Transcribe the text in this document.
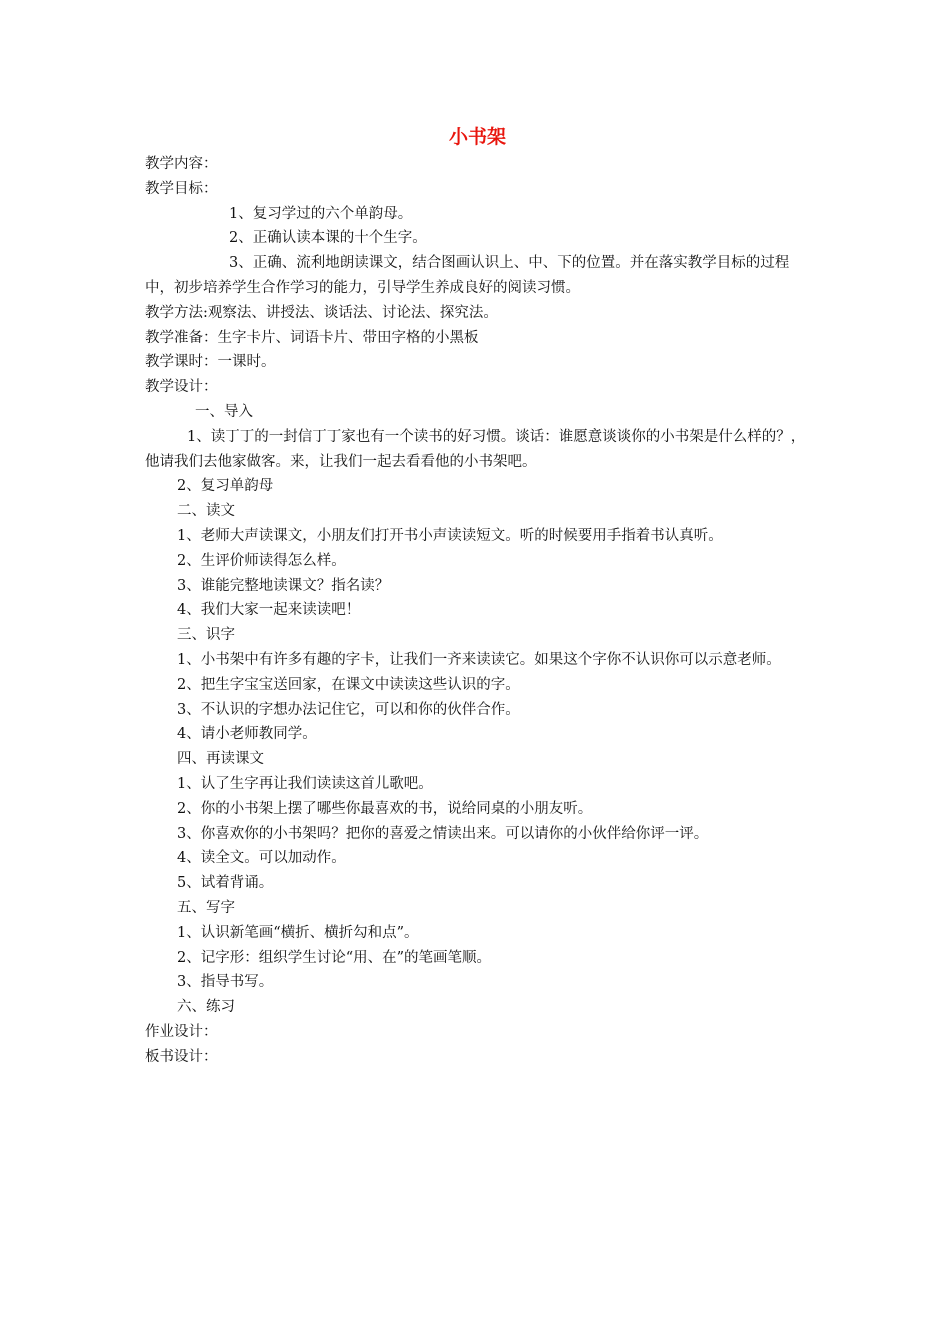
小书架

教学内容：

教学目标：

1、复习学过的六个单韵母。

2、正确认读本课的十个生字。

3、正确、流利地朗读课文，结合图画认识上、中、下的位置。并在落实教学目标的过程中，初步培养学生合作学习的能力，引导学生养成良好的阅读习惯。

教学方法:观察法、讲授法、谈话法、讨论法、探究法。

教学准备：生字卡片、词语卡片、带田字格的小黑板

教学课时：一课时。

教学设计：

一、导入

1、读丁丁的一封信丁丁家也有一个读书的好习惯。谈话：谁愿意谈谈你的小书架是什么样的？，他请我们去他家做客。来，让我们一起去看看他的小书架吧。

2、复习单韵母

二、读文

1、老师大声读课文，小朋友们打开书小声读读短文。听的时候要用手指着书认真听。

2、生评价师读得怎么样。

3、谁能完整地读课文？指名读？

4、我们大家一起来读读吧！

三、识字

1、小书架中有许多有趣的字卡，让我们一齐来读读它。如果这个字你不认识你可以示意老师。

2、把生字宝宝送回家，在课文中读读这些认识的字。

3、不认识的字想办法记住它，可以和你的伙伴合作。

4、请小老师教同学。

四、再读课文

1、认了生字再让我们读读这首儿歌吧。

2、你的小书架上摆了哪些你最喜欢的书，说给同桌的小朋友听。

3、你喜欢你的小书架吗？把你的喜爱之情读出来。可以请你的小伙伴给你评一评。

4、读全文。可以加动作。

5、试着背诵。

五、写字

1、认识新笔画“横折、横折勾和点”。

2、记字形：组织学生讨论“用、在”的笔画笔顺。

3、指导书写。

六、练习

作业设计：

板书设计：
